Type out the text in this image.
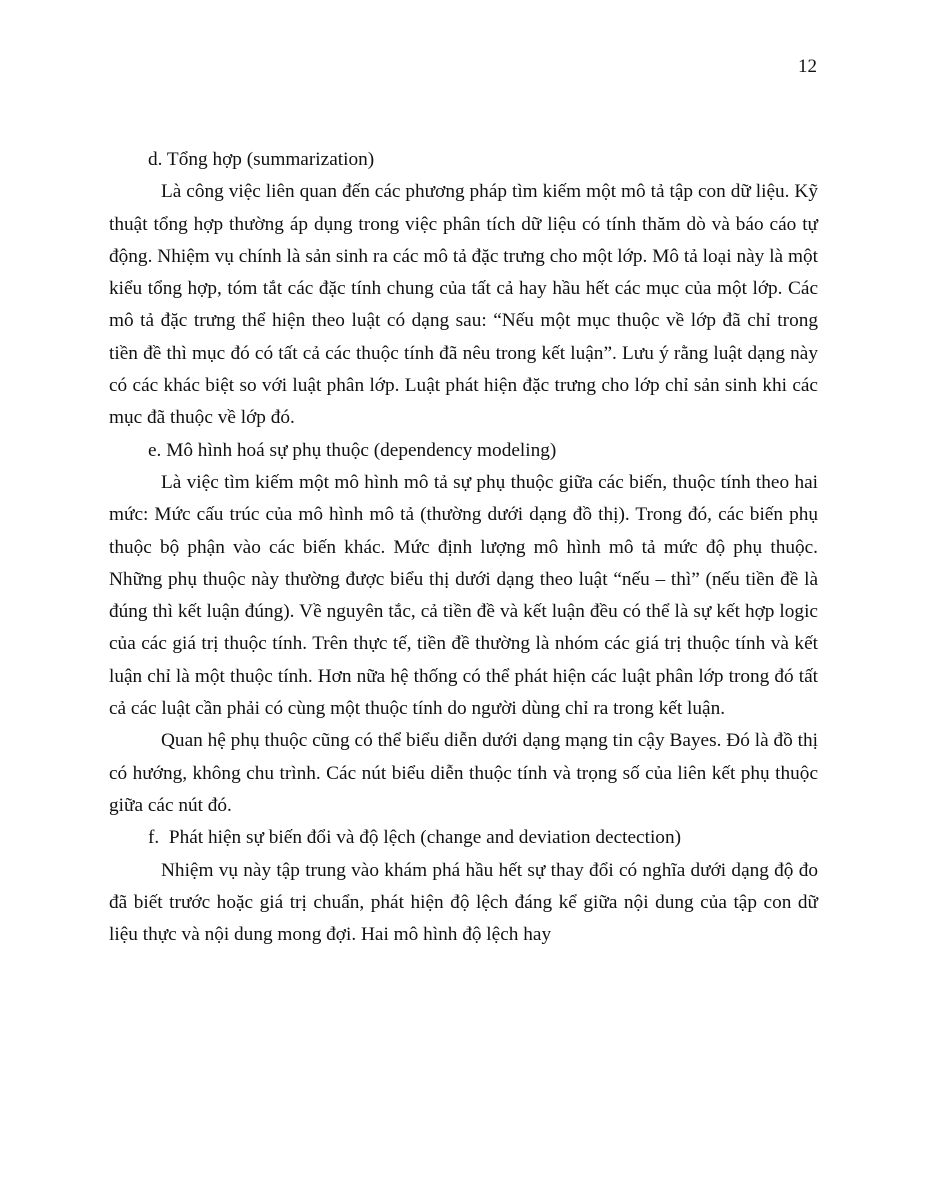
12

d. Tổng hợp (summarization)

Là công việc liên quan đến các phương pháp tìm kiếm một mô tả tập con dữ liệu. Kỹ thuật tổng hợp thường áp dụng trong việc phân tích dữ liệu có tính thăm dò và báo cáo tự động. Nhiệm vụ chính là sản sinh ra các mô tả đặc trưng cho một lớp. Mô tả loại này là một kiểu tổng hợp, tóm tắt các đặc tính chung của tất cả hay hầu hết các mục của một lớp. Các mô tả đặc trưng thể hiện theo luật có dạng sau: “Nếu một mục thuộc về lớp đã chỉ trong tiền đề thì mục đó có tất cả các thuộc tính đã nêu trong kết luận”. Lưu ý rằng luật dạng này có các khác biệt so với luật phân lớp. Luật phát hiện đặc trưng cho lớp chỉ sản sinh khi các mục đã thuộc về lớp đó.

e. Mô hình hoá sự phụ thuộc (dependency modeling)

Là việc tìm kiếm một mô hình mô tả sự phụ thuộc giữa các biến, thuộc tính theo hai mức: Mức cấu trúc của mô hình mô tả (thường dưới dạng đồ thị). Trong đó, các biến phụ thuộc bộ phận vào các biến khác. Mức định lượng mô hình mô tả mức độ phụ thuộc. Những phụ thuộc này thường được biểu thị dưới dạng theo luật “nếu – thì” (nếu tiền đề là đúng thì kết luận đúng). Về nguyên tắc, cả tiền đề và kết luận đều có thể là sự kết hợp logic của các giá trị thuộc tính. Trên thực tế, tiền đề thường là nhóm các giá trị thuộc tính và kết luận chỉ là một thuộc tính. Hơn nữa hệ thống có thể phát hiện các luật phân lớp trong đó tất cả các luật cần phải có cùng một thuộc tính do người dùng chỉ ra trong kết luận.

Quan hệ phụ thuộc cũng có thể biểu diễn dưới dạng mạng tin cậy Bayes. Đó là đồ thị có hướng, không chu trình. Các nút biểu diễn thuộc tính và trọng số của liên kết phụ thuộc giữa các nút đó.

f.  Phát hiện sự biến đổi và độ lệch (change and deviation dectection)

Nhiệm vụ này tập trung vào khám phá hầu hết sự thay đổi có nghĩa dưới dạng độ đo đã biết trước hoặc giá trị chuẩn, phát hiện độ lệch đáng kể giữa nội dung của tập con dữ liệu thực và nội dung mong đợi. Hai mô hình độ lệch hay
